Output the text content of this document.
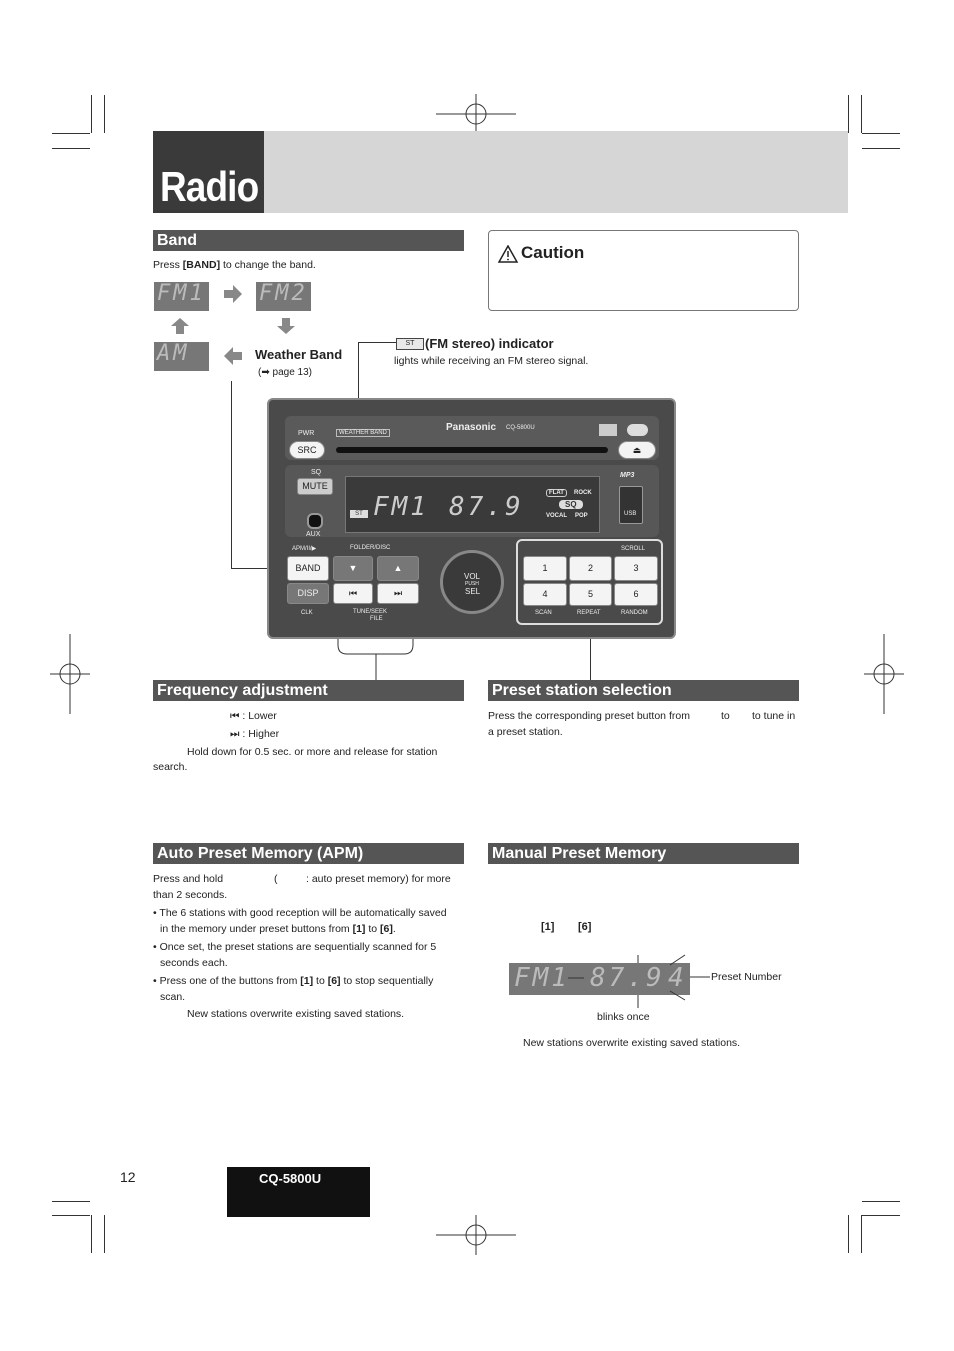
Radio
Band
Press [BAND] to change the band.
FM1 FM2
AM	Weather Band
(➡ page 13)
Caution
ST (FM stereo) indicator
lights while receiving an FM stereo signal.
PWR	WEATHER BAND	Panasonic CQ-5800U
SRC	⏏
SQ
MUTE
AUX
ST FM1 87.9	FLAT	ROCK
SQ
VOCAL POP
MP3
USB
APM/II/▶	FOLDER/DISC
BAND
DISP
CLK
▼	▲
⏮	⏭
TUNE/SEEK
FILE
VOL
PUSH
SEL
SCROLL
1	2	3
4	5	6
SCAN	REPEAT	RANDOM
Frequency adjustment
⏮ : Lower
⏭ : Higher
Hold down for 0.5 sec. or more and release for station
search.
Preset station selection
Press the corresponding preset button from	to to tune in
a preset station.
Auto Preset Memory (APM)
Press and hold	(	: auto preset memory) for more
than 2 seconds.
• The 6 stations with good reception will be automatically saved
in the memory under preset buttons from [1] to [6].
• Once set, the preset stations are sequentially scanned for 5
seconds each.
• Press one of the buttons from [1] to [6] to stop sequentially
scan.
New stations overwrite existing saved stations.
Manual Preset Memory
[1] [6]
FM1 87.9 4 Preset Number
blinks once
New stations overwrite existing saved stations.
12	CQ-5800U
